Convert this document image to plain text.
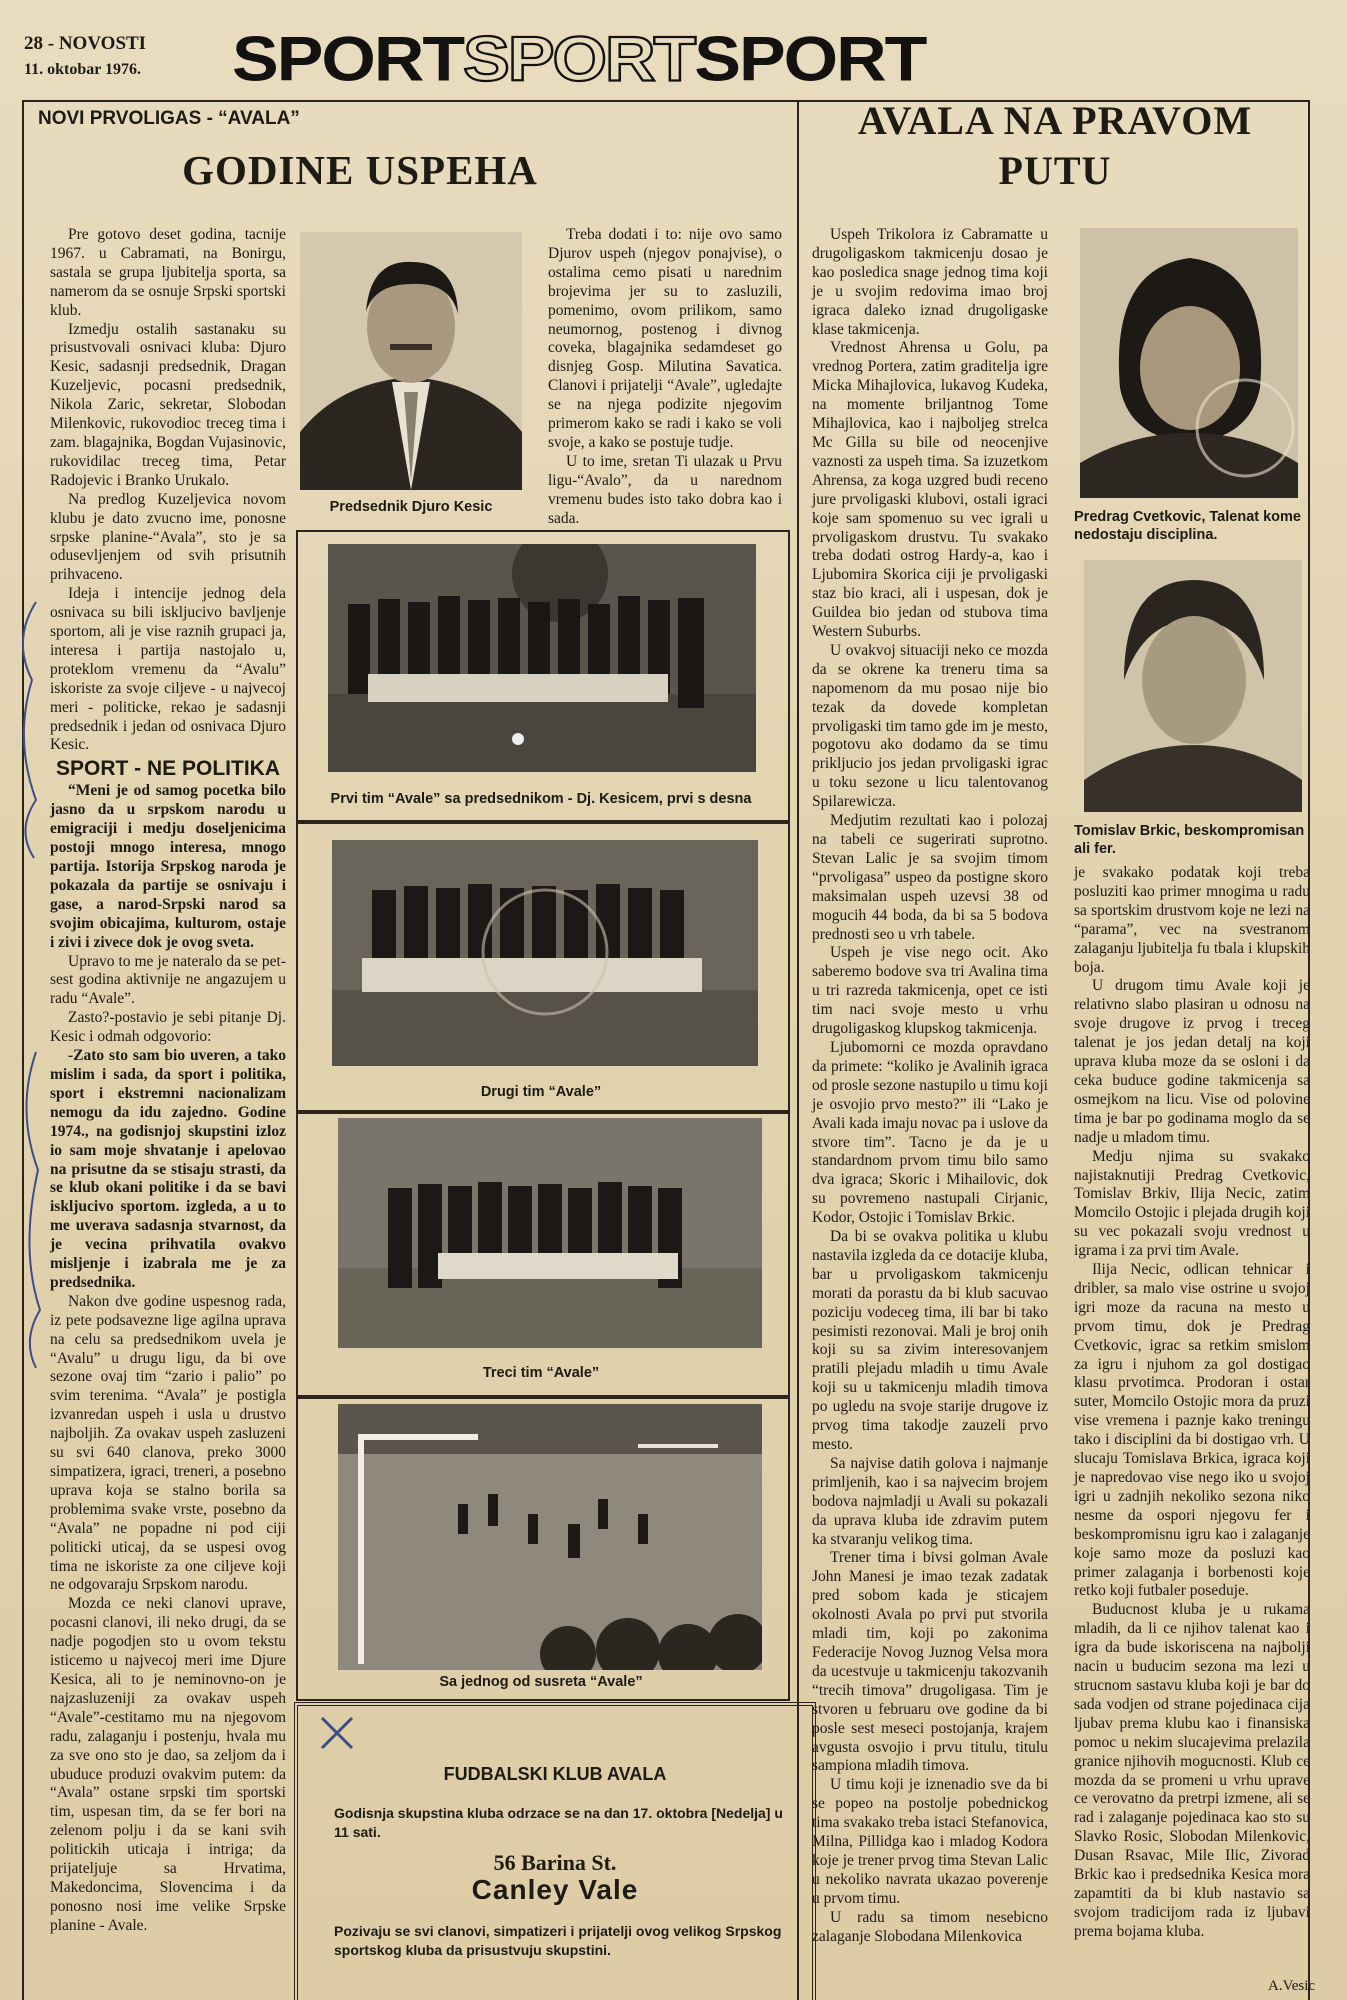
28 - NOVOSTI
11. oktobar 1976. SPORT SPORT SPORT
NOVI PRVOLIGAS - “AVALA”
GODINE USPEHA

Pre gotovo deset godina, tacnije 1967. u Cabramati, na Bonirgu, sastala se grupa ljubitelja sporta, sa namerom da se osnuje Srpski sportski klub.

Izmedju ostalih sastanaku su prisustvovali osnivaci kluba: Djuro Kesic, sadasnji predsednik, Dragan Kuzeljevic, pocasni predsednik, Nikola Zaric, sekretar, Slobodan Milenkovic, rukovodioc treceg tima i zam. blagajnika, Bogdan Vujasinovic, rukovidilac treceg tima, Petar Radojevic i Branko Urukalo.

Na predlog Kuzeljevica novom klubu je dato zvucno ime, ponosne srpske planine-“Avala”, sto je sa odusevljenjem od svih prisutnih prihvaceno.

Ideja i intencije jednog dela osnivaca su bili iskljucivo bavljenje sportom, ali je vise raznih grupaci ja, interesa i partija nastojalo u, proteklom vremenu da “Avalu” iskoriste za svoje ciljeve - u najvecoj meri - politicke, rekao je sadasnji predsednik i jedan od osnivaca Djuro Kesic.

SPORT - NE POLITIKA

“Meni je od samog pocetka bilo jasno da u srpskom narodu u emigraciji i medju doseljenicima postoji mnogo interesa, mnogo partija. Istorija Srpskog naroda je pokazala da partije se osnivaju i gase, a narod-Srpski narod sa svojim obicajima, kulturom, ostaje i zivi i zivece dok je ovog sveta.

Upravo to me je nateralo da se pet-sest godina aktivnije ne angazujem u radu “Avale”.

Zasto?-postavio je sebi pitanje Dj. Kesic i odmah odgovorio:

-Zato sto sam bio uveren, a tako mislim i sada, da sport i politika, sport i ekstremni nacionalizam nemogu da idu zajedno. Godine 1974., na godisnjoj skupstini izloz io sam moje shvatanje i apelovao na prisutne da se stisaju strasti, da se klub okani politike i da se bavi iskljucivo sportom. izgleda, a u to me uverava sadasnja stvarnost, da je vecina prihvatila ovakvo misljenje i izabrala me je za predsednika.

Nakon dve godine uspesnog rada, iz pete podsavezne lige agilna uprava na celu sa predsednikom uvela je “Avalu” u drugu ligu, da bi ove sezone ovaj tim “zario i palio” po svim terenima. “Avala” je postigla izvanredan uspeh i usla u drustvo najboljih. Za ovakav uspeh zasluzeni su svi 640 clanova, preko 3000 simpatizera, igraci, treneri, a posebno uprava koja se stalno borila sa problemima svake vrste, posebno da “Avala” ne popadne ni pod ciji politicki uticaj, da se uspesi ovog tima ne iskoriste za one ciljeve koji ne odgovaraju Srpskom narodu.

Mozda ce neki clanovi uprave, pocasni clanovi, ili neko drugi, da se nadje pogodjen sto u ovom tekstu isticemo u najvecoj meri ime Djure Kesica, ali to je neminovno-on je najzasluzeniji za ovakav uspeh “Avale”-cestitamo mu na njegovom radu, zalaganju i postenju, hvala mu za sve ono sto je dao, sa zeljom da i ubuduce produzi ovakvim putem: da “Avala” ostane srpski tim sportski tim, uspesan tim, da se fer bori na zelenom polju i da se kani svih politickih uticaja i intriga; da prijateljuje sa Hrvatima, Makedoncima, Slovencima i da ponosno nosi ime velike Srpske planine - Avale.

Predsednik Djuro Kesic

Treba dodati i to: nije ovo samo Djurov uspeh (njegov ponajvise), o ostalima cemo pisati u narednim brojevima jer su to zasluzili, pomenimo, ovom prilikom, samo neumornog, postenog i divnog coveka, blagajnika sedamdeset go disnjeg Gosp. Milutina Savatica. Clanovi i prijatelji “Avale”, ugledajte se na njega podizite njegovim primerom kako se radi i kako se voli svoje, a kako se postuje tudje.

U to ime, sretan Ti ulazak u Prvu ligu-“Avalo”, da u narednom vremenu budes isto tako dobra kao i sada.

Prvi tim “Avale” sa predsednikom - Dj. Kesicem, prvi s desna
Drugi tim “Avale”
Treci tim “Avale”
Sa jednog od susreta “Avale”
FUDBALSKI KLUB AVALA
Godisnja skupstina kluba odrzace se na dan 17. oktobra [Nedelja] u 11 sati.
56 Barina St.
Canley Vale
Pozivaju se svi clanovi, simpatizeri i prijatelji ovog velikog Srpskog sportskog kluba da prisustvuju skupstini.
AVALA NA PRAVOM
PUTU

Uspeh Trikolora iz Cabramatte u drugoligaskom takmicenju dosao je kao posledica snage jednog tima koji je u svojim redovima imao broj igraca daleko iznad drugoligaske klase takmicenja.

Vrednost Ahrensa u Golu, pa vrednog Portera, zatim graditelja igre Micka Mihajlovica, lukavog Kudeka, na momente briljantnog Tome Mihajlovica, kao i najboljeg strelca Mc Gilla su bile od neocenjive vaznosti za uspeh tima. Sa izuzetkom Ahrensa, za koga uzgred budi receno jure prvoligaski klubovi, ostali igraci koje sam spomenuo su vec igrali u prvoligaskom drustvu. Tu svakako treba dodati ostrog Hardy-a, kao i Ljubomira Skorica ciji je prvoligaski staz bio kraci, ali i uspesan, dok je Guildea bio jedan od stubova tima Western Suburbs.

U ovakvoj situaciji neko ce mozda da se okrene ka treneru tima sa napomenom da mu posao nije bio tezak da dovede kompletan prvoligaski tim tamo gde im je mesto, pogotovu ako dodamo da se timu prikljucio jos jedan prvoligaski igrac u toku sezone u licu talentovanog Spilarewicza.

Medjutim rezultati kao i polozaj na tabeli ce sugerirati suprotno. Stevan Lalic je sa svojim timom “prvoligasa” uspeo da postigne skoro maksimalan uspeh uzevsi 38 od mogucih 44 boda, da bi sa 5 bodova prednosti seo u vrh tabele.

Uspeh je vise nego ocit. Ako saberemo bodove sva tri Avalina tima u tri razreda takmicenja, opet ce isti tim naci svoje mesto u vrhu drugoligaskog klupskog takmicenja.

Ljubomorni ce mozda opravdano da primete: “koliko je Avalinih igraca od prosle sezone nastupilo u timu koji je osvojio prvo mesto?” ili “Lako je Avali kada imaju novac pa i uslove da stvore tim”. Tacno je da je u standardnom prvom timu bilo samo dva igraca; Skoric i Mihailovic, dok su povremeno nastupali Cirjanic, Kodor, Ostojic i Tomislav Brkic.

Da bi se ovakva politika u klubu nastavila izgleda da ce dotacije kluba, bar u prvoligaskom takmicenju morati da porastu da bi klub sacuvao poziciju vodeceg tima, ili bar bi tako pesimisti rezonovai. Mali je broj onih koji su sa zivim interesovanjem pratili plejadu mladih u timu Avale koji su u takmicenju mladih timova po ugledu na svoje starije drugove iz prvog tima takodje zauzeli prvo mesto.

Sa najvise datih golova i najmanje primljenih, kao i sa najvecim brojem bodova najmladji u Avali su pokazali da uprava kluba ide zdravim putem ka stvaranju velikog tima.

Trener tima i bivsi golman Avale John Manesi je imao tezak zadatak pred sobom kada je sticajem okolnosti Avala po prvi put stvorila mladi tim, koji po zakonima Federacije Novog Juznog Velsa mora da ucestvuje u takmicenju takozvanih “trecih timova” drugoligasa. Tim je stvoren u februaru ove godine da bi posle sest meseci postojanja, krajem avgusta osvojio i prvu titulu, titulu sampiona mladih timova.

U timu koji je iznenadio sve da bi se popeo na postolje pobednickog tima svakako treba istaci Stefanovica, Milna, Pillidga kao i mladog Kodora koje je trener prvog tima Stevan Lalic u nekoliko navrata ukazao poverenje u prvom timu.

U radu sa timom nesebicno zalaganje Slobodana Milenkovica

Predrag Cvetkovic, Talenat kome nedostaju disciplina.
Tomislav Brkic, beskompromisan ali fer.

je svakako podatak koji treba posluziti kao primer mnogima u radu sa sportskim drustvom koje ne lezi na “parama”, vec na svestranom zalaganju ljubitelja fu tbala i klupskih boja.

U drugom timu Avale koji je relativno slabo plasiran u odnosu na svoje drugove iz prvog i treceg talenat je jos jedan detalj na koji uprava kluba moze da se osloni i da ceka buduce godine takmicenja sa osmejkom na licu. Vise od polovine tima je bar po godinama moglo da se nadje u mladom timu.

Medju njima su svakako najistaknutiji Predrag Cvetkovic, Tomislav Brkiv, Ilija Necic, zatim Momcilo Ostojic i plejada drugih koji su vec pokazali svoju vrednost u igrama i za prvi tim Avale.

Ilija Necic, odlican tehnicar i dribler, sa malo vise ostrine u svojoj igri moze da racuna na mesto u prvom timu, dok je Predrag Cvetkovic, igrac sa retkim smislom za igru i njuhom za gol dostigao klasu prvotimca. Prodoran i ostar suter, Momcilo Ostojic mora da pruzi vise vremena i paznje kako treningu tako i disciplini da bi dostigao vrh. U slucaju Tomislava Brkica, igraca koji je napredovao vise nego iko u svojoj igri u zadnjih nekoliko sezona niko nesme da ospori njegovu fer i beskompromisnu igru kao i zalaganje koje samo moze da posluzi kao primer zalaganja i borbenosti koje retko koji futbaler poseduje.

Buducnost kluba je u rukama mladih, da li ce njihov talenat kao i igra da bude iskoriscena na najbolji nacin u buducim sezona ma lezi u strucnom sastavu kluba koji je bar do sada vodjen od strane pojedinaca cija ljubav prema klubu kao i finansiska pomoc u nekim slucajevima prelazila granice njihovih mogucnosti. Klub ce mozda da se promeni u vrhu uprave ce verovatno da pretrpi izmene, ali se rad i zalaganje pojedinaca kao sto su Slavko Rosic, Slobodan Milenkovic, Dusan Rsavac, Mile Ilic, Zivorad Brkic kao i predsednika Kesica mora zapamtiti da bi klub nastavio sa svojom tradicijom rada iz ljubavi prema bojama kluba.

A.Vesic
